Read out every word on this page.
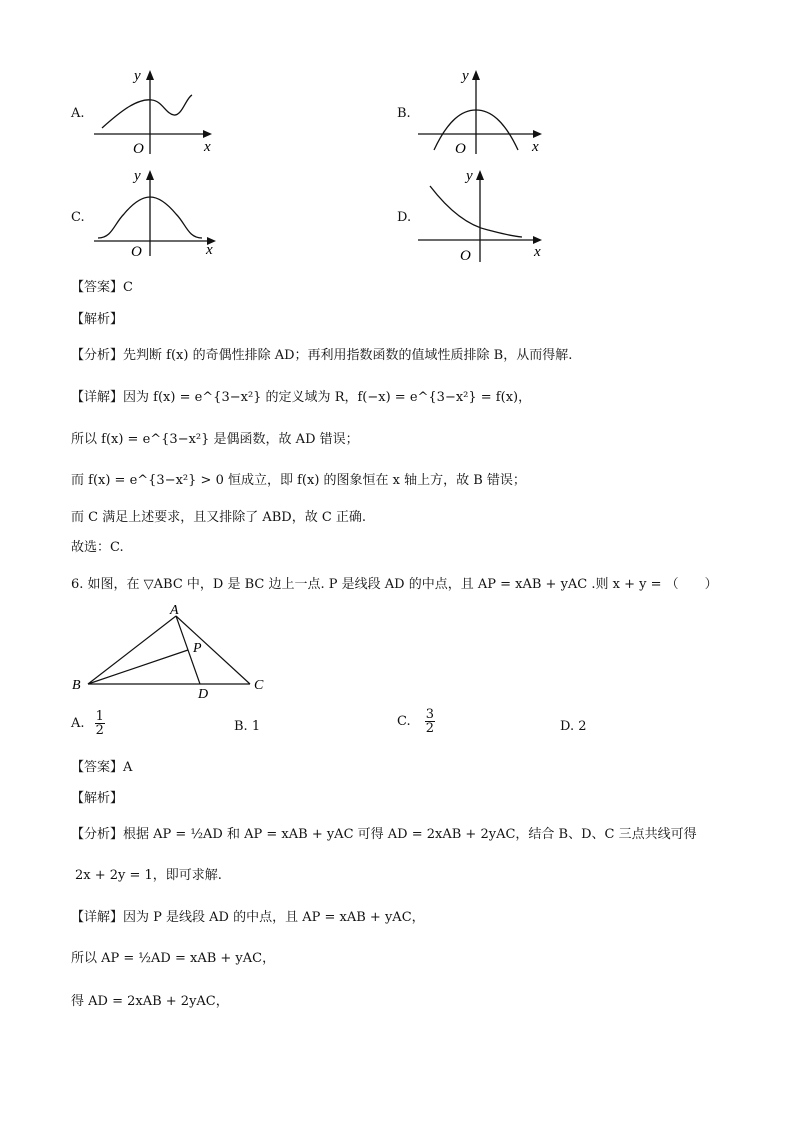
A.
y
x
O
B.
y
x
O
C.
y
x
O
D.
y
x
O
【答案】C
【解析】
【分析】先判断 f(x) 的奇偶性排除 AD；再利用指数函数的值域性质排除 B，从而得解.
【详解】因为 f(x) = e^{3−x²} 的定义域为 R，f(−x) = e^{3−x²} = f(x)，
所以 f(x) = e^{3−x²} 是偶函数，故 AD 错误；
而 f(x) = e^{3−x²} > 0 恒成立，即 f(x) 的图象恒在 x 轴上方，故 B 错误；
而 C 满足上述要求，且又排除了 ABD，故 C 正确.
故选：C.
6. 如图，在 ▽ABC 中，D 是 BC 边上一点. P 是线段 AD 的中点，且 AP = xAB + yAC .则 x + y = （　　）
A
B	C
D
P
A. $\frac{1}{2}$	B. 1	C. $\frac{3}{2}$	D. 2
【答案】A
【解析】
【分析】根据 AP = ½AD 和 AP = xAB + yAC 可得 AD = 2xAB + 2yAC，结合 B、D、C 三点共线可得
2x + 2y = 1，即可求解.
【详解】因为 P 是线段 AD 的中点，且 AP = xAB + yAC，
所以 AP = ½AD = xAB + yAC，
得 AD = 2xAB + 2yAC，
